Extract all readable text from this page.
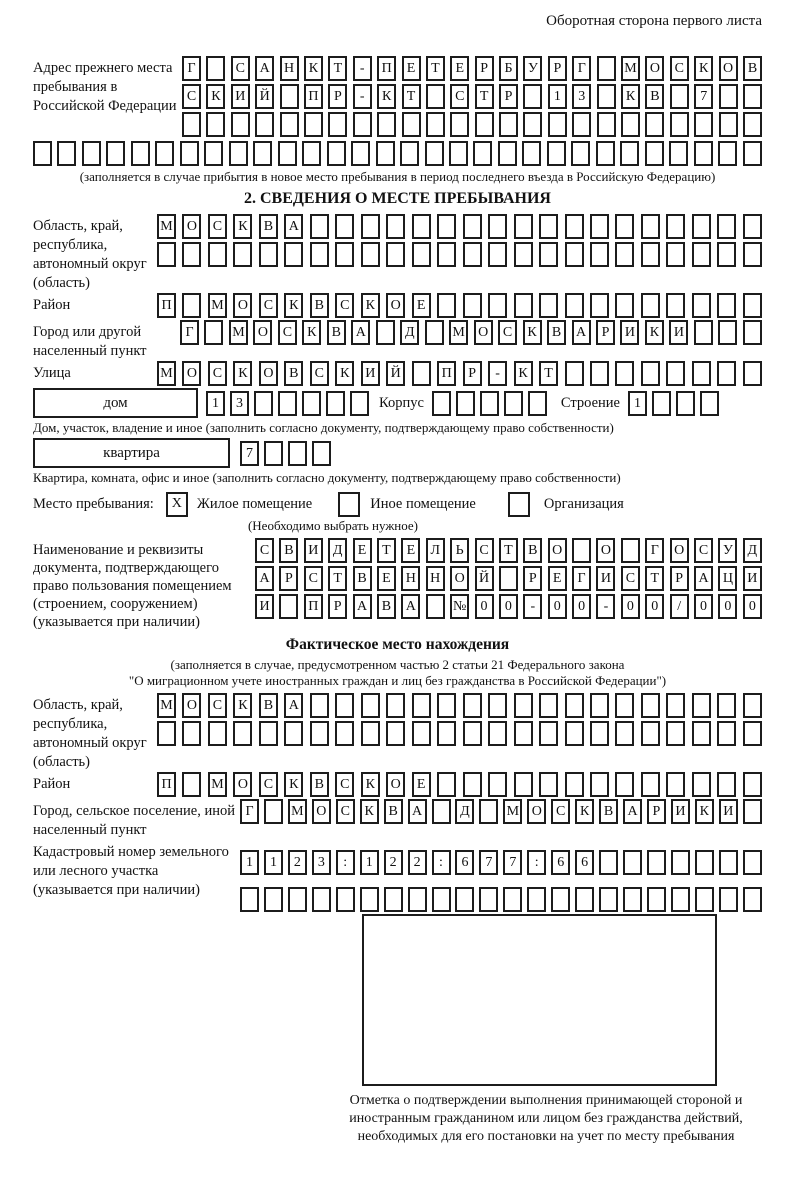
Оборотная сторона первого листа
Адрес прежнего места пребывания в Российской Федерации
Г	С	А	Н	К	Т	-	П	Е	Т	Е	Р	Б	У	Р	Г	М О	С	К	О	В
С	К	И	Й	П	Р	-	К	Т	С	Т	Р	1	3	К	В	7
(заполняется в случае прибытия в новое место пребывания в период последнего въезда в Российскую Федерацию)
2. СВЕДЕНИЯ О МЕСТЕ ПРЕБЫВАНИЯ
Область, край, республика, автономный округ (область)
М	О	С	К	В	А
Район	П	М	О	С	К	В	С	К	О	Е
Город или другой населенный пункт
Г	М О	С	К	В	А	Д	М О	С	К	В	А	Р	И	К	И
Улица	М	О	С	К	О	В	С	К	И	Й	П	Р	-	К	Т
дом	1	3	Корпус	Строение	1
Дом, участок, владение и иное (заполнить согласно документу, подтверждающему право собственности)
квартира	7
Квартира, комната, офис и иное (заполнить согласно документу, подтверждающему право собственности)
Место пребывания:	X	Жилое помещение	Иное помещение	Организация
(Необходимо выбрать нужное)
Наименование и реквизиты документа, подтверждающего право пользования помещением (строением, сооружением) (указывается при наличии)
С	В	И	Д	Е	Т	Е	Л	Ь	С	Т	В	О	О	Г	О	С	У	Д
А	Р	С	Т	В	Е	Н	Н	О	Й	Р	Е	Г	И	С	Т	Р	А	Ц	И
И	П	Р	А	В	А	№	0	0	-	0	0	-	0	0	/	0	0	0
Фактическое место нахождения
(заполняется в случае, предусмотренном частью 2 статьи 21 Федерального закона
"О миграционном учете иностранных граждан и лиц без гражданства в Российской Федерации")
Область, край, республика, автономный округ (область)
М	О	С	К	В	А
Район	П	М	О	С	К	В	С	К	О	Е
Город, сельское поселение, иной населенный пункт
Г	М О	С	К	В	А	Д	М О	С	К	В	А	Р	И	К	И
Кадастровый номер земельного или лесного участка (указывается при наличии)
1	1	2	3	:	1	2	2	:	6	7	7	:	6	6
Отметка о подтверждении выполнения принимающей стороной и иностранным гражданином или лицом без гражданства действий, необходимых для его постановки на учет по месту пребывания
